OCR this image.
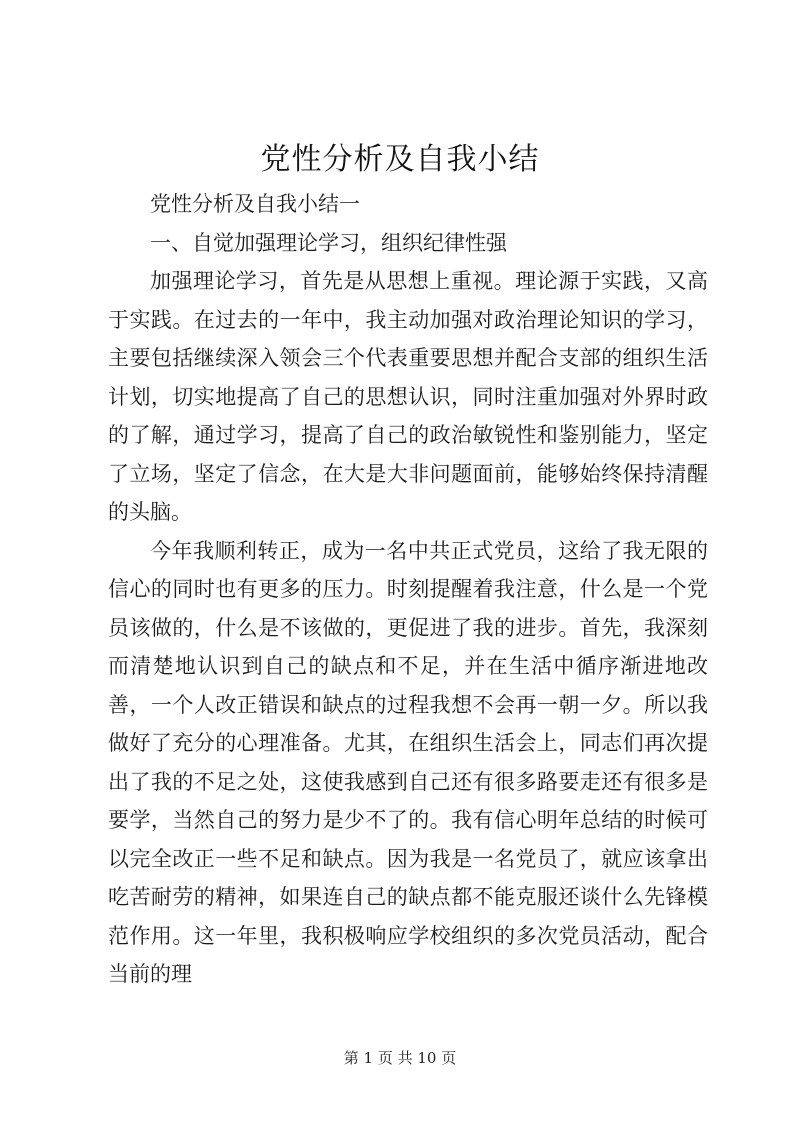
党性分析及自我小结

党性分析及自我小结一

一、自觉加强理论学习，组织纪律性强

加强理论学习，首先是从思想上重视。理论源于实践，又高于实践。在过去的一年中，我主动加强对政治理论知识的学习，主要包括继续深入领会三个代表重要思想并配合支部的组织生活计划，切实地提高了自己的思想认识，同时注重加强对外界时政的了解，通过学习，提高了自己的政治敏锐性和鉴别能力，坚定了立场，坚定了信念，在大是大非问题面前，能够始终保持清醒的头脑。

今年我顺利转正，成为一名中共正式党员，这给了我无限的信心的同时也有更多的压力。时刻提醒着我注意，什么是一个党员该做的，什么是不该做的，更促进了我的进步。首先，我深刻而清楚地认识到自己的缺点和不足，并在生活中循序渐进地改善，一个人改正错误和缺点的过程我想不会再一朝一夕。所以我做好了充分的心理准备。尤其，在组织生活会上，同志们再次提出了我的不足之处，这使我感到自己还有很多路要走还有很多是要学，当然自己的努力是少不了的。我有信心明年总结的时候可以完全改正一些不足和缺点。因为我是一名党员了，就应该拿出吃苦耐劳的精神，如果连自己的缺点都不能克服还谈什么先锋模范作用。这一年里，我积极响应学校组织的多次党员活动，配合当前的理

第 1 页 共 10 页
